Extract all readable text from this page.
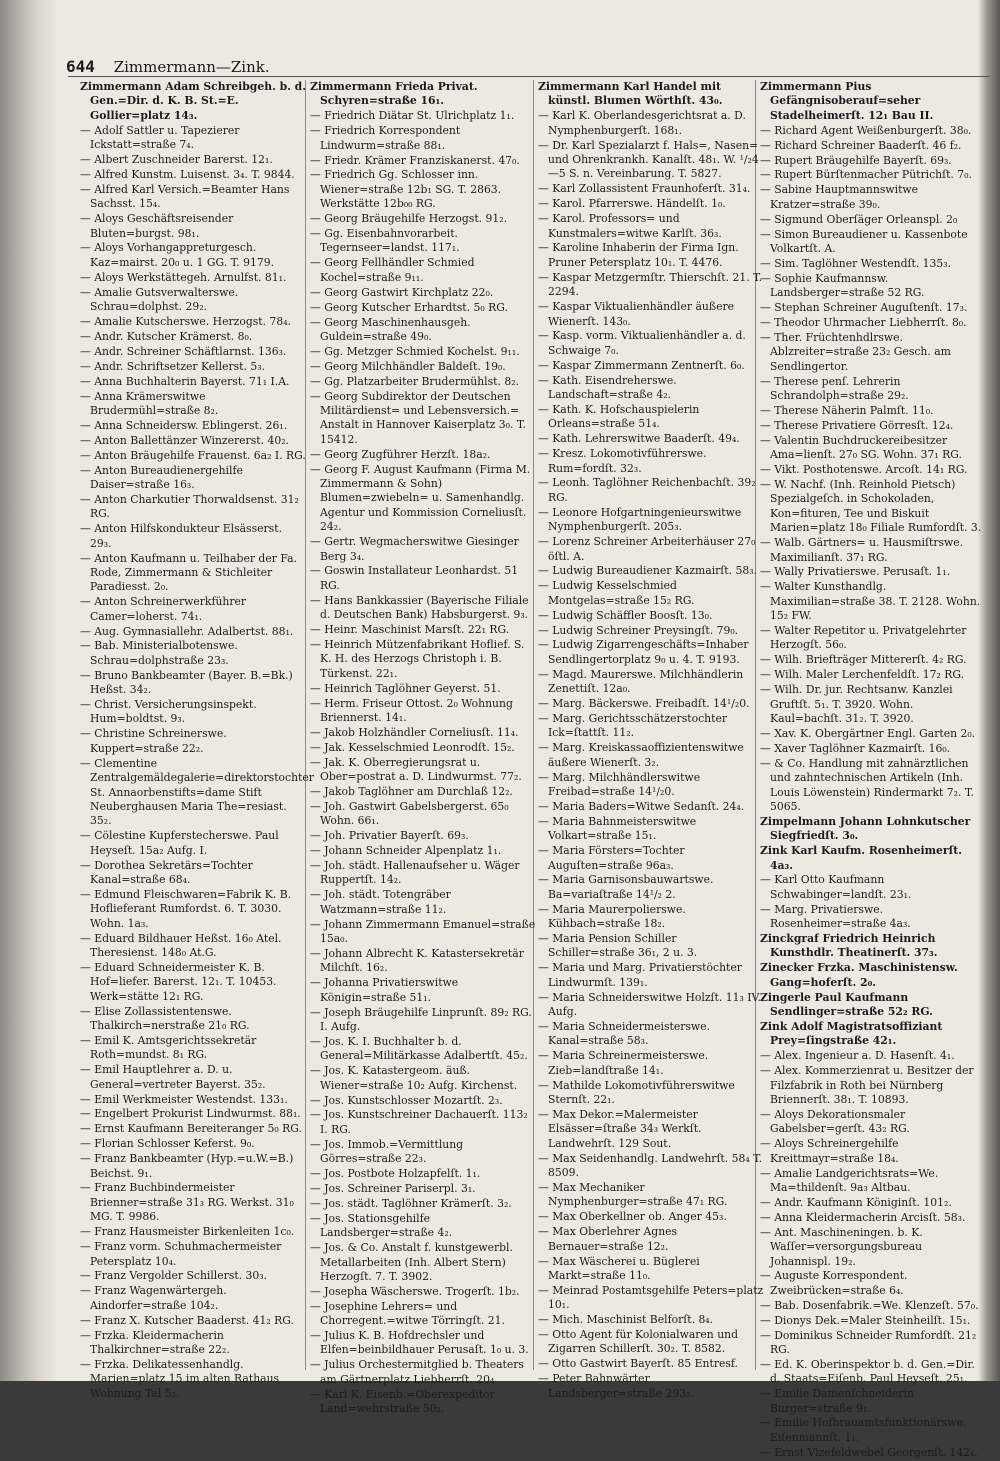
644 Zimmermann—Zink.
Zimmermann Adam Schreibgeh. b. d. Gen.=Dir. d. K. B. St.=E. Gollier=platz 14₃.
— Adolf Sattler u. Tapezierer Ickstatt=straße 7₄.
— Albert Zuschneider Barerst. 12₁.
— Alfred Kunstm. Luisenst. 3₄. T. 9844.
— Alfred Karl Versich.=Beamter Hans Sachsst. 15₄.
— Aloys Geschäftsreisender Bluten=burgst. 98₁.
— Aloys Vorhangappreturgesch. Kaz=mairst. 20₀ u. 1 GG. T. 9179.
— Aloys Werkstättegeh. Arnulfst. 81₁.
— Amalie Gutsverwalterswe. Schrau=dolphst. 29₂.
— Amalie Kutscherswe. Herzogst. 78₄.
— Andr. Kutscher Krämerst. 8₀.
— Andr. Schreiner Schäftlarnst. 136₃.
— Andr. Schriftsetzer Kellerst. 5₃.
— Anna Buchhalterin Bayerst. 71₁ I.A.
— Anna Krämerswitwe Brudermühl=straße 8₂.
— Anna Schneidersw. Eblingerst. 26₁.
— Anton Ballettänzer Winzererst. 40₂.
— Anton Bräugehilfe Frauenst. 6a₂ I. RG.
— Anton Bureaudienergehilfe Daiser=straße 16₃.
— Anton Charkutier Thorwaldsenst. 31₂ RG.
— Anton Hilfskondukteur Elsässerst. 29₃.
— Anton Kaufmann u. Teilhaber der Fa. Rode, Zimmermann & Stichleiter Paradiesst. 2₀.
— Anton Schreinerwerkführer Camer=loherst. 74₁.
— Aug. Gymnasiallehr. Adalbertst. 88₁.
— Bab. Ministerialbotenswe. Schrau=dolphstraße 23₃.
— Bruno Bankbeamter (Bayer. B.=Bk.) Heßst. 34₂.
— Christ. Versicherungsinspekt. Hum=boldtst. 9₃.
— Christine Schreinerswe. Kuppert=straße 22₂.
— Clementine Zentralgemäldegalerie=direktorstochter St. Annaorbenstifts=dame Stift Neuberghausen Maria The=resiast. 35₂.
— Cölestine Kupferstecherswe. Paul Heyseſt. 15a₂ Aufg. I.
— Dorothea Sekretärs=Tochter Kanal=straße 68₄.
— Edmund Fleischwaren=Fabrik K. B. Hoflieferant Rumfordst. 6. T. 3030. Wohn. 1a₃.
— Eduard Bildhauer Heßst. 16₀ Atel. Theresienst. 148₀ At.G.
— Eduard Schneidermeister K. B. Hof=liefer. Barerst. 12₁. T. 10453. Werk=stätte 12₁ RG.
— Elise Zollassistentenswe. Thalkirch=nerstraße 21₀ RG.
— Emil K. Amtsgerichtssekretär Roth=mundst. 8₁ RG.
— Emil Hauptlehrer a. D. u. General=vertreter Bayerst. 35₂.
— Emil Werkmeister Westendst. 133₁.
— Engelbert Prokurist Lindwurmst. 88₁.
— Ernst Kaufmann Bereiteranger 5₀ RG.
— Florian Schlosser Keferst. 9₀.
— Franz Bankbeamter (Hyp.=u.W.=B.) Beichst. 9₁.
— Franz Buchbindermeister Brienner=straße 31₃ RG. Werkst. 31₀ MG. T. 9986.
— Franz Hausmeister Birkenleiten 1c₀.
— Franz vorm. Schuhmachermeister Petersplatz 10₄.
— Franz Vergolder Schillerst. 30₃.
— Franz Wagenwärtergeh. Aindorfer=straße 104₂.
— Franz X. Kutscher Baaderst. 41₂ RG.
— Frzka. Kleidermacherin Thalkirchner=straße 22₂.
— Frzka. Delikatessenhandlg. Marien=platz 15 im alten Rathaus Wohnung Tal 5₂.
Zimmermann Frieda Privat. Schyren=straße 16₁.
— Friedrich Diätar St. Ulrichplatz 1₁.
— Friedrich Korrespondent Lindwurm=straße 88₁.
— Friedr. Krämer Franziskanerst. 47₀.
— Friedrich Gg. Schlosser inn. Wiener=straße 12b₁ SG. T. 2863. Werkstätte 12b₀₀ RG.
— Georg Bräugehilfe Herzogst. 91₂.
— Gg. Eisenbahnvorarbeit. Tegernseer=landst. 117₁.
— Georg Fellhändler Schmied Kochel=straße 9₁₁.
— Georg Gastwirt Kirchplatz 22₀.
— Georg Kutscher Erhardtst. 5₀ RG.
— Georg Maschinenhausgeh. Guldein=straße 49₀.
— Gg. Metzger Schmied Kochelst. 9₁₁.
— Georg Milchhändler Baldeſt. 19₀.
— Gg. Platzarbeiter Brudermühlst. 8₂.
— Georg Subdirektor der Deutschen Militärdienst= und Lebensversich.= Anstalt in Hannover Kaiserplatz 3₀. T. 15412.
— Georg Zugführer Herzſt. 18a₂.
— Georg F. August Kaufmann (Firma M. Zimmermann & Sohn) Blumen=zwiebeln= u. Samenhandlg. Agentur und Kommission Corneliusſt. 24₂.
— Gertr. Wegmacherswitwe Giesinger Berg 3₄.
— Goswin Installateur Leonhardst. 51 RG.
— Hans Bankkassier (Bayerische Filiale d. Deutschen Bank) Habsburgerst. 9₃.
— Heinr. Maschinist Marsſt. 22₁ RG.
— Heinrich Mützenfabrikant Hoflief. S. K. H. des Herzogs Christoph i. B. Türkenst. 22₁.
— Heinrich Taglöhner Geyerst. 51.
— Herm. Friseur Ottost. 2₀ Wohnung Briennerst. 14₁.
— Jakob Holzhändler Corneliusſt. 11₄.
— Jak. Kesselschmied Leonrodſt. 15₂.
— Jak. K. Oberregierungsrat u. Ober=postrat a. D. Lindwurmst. 77₂.
— Jakob Taglöhner am Durchlaß 12₂.
— Joh. Gastwirt Gabelsbergerst. 65₀ Wohn. 66₁.
— Joh. Privatier Bayerſt. 69₃.
— Johann Schneider Alpenplatz 1₁.
— Joh. städt. Hallenaufseher u. Wäger Ruppertſt. 14₂.
— Joh. städt. Totengräber Watzmann=straße 11₂.
— Johann Zimmermann Emanuel=straße 15a₀.
— Johann Albrecht K. Katastersekretär Milchſt. 16₂.
— Johanna Privatierswitwe Königin=straße 51₁.
— Joseph Bräugehilfe Linprunſt. 89₂ RG. I. Aufg.
— Jos. K. I. Buchhalter b. d. General=Militärkasse Adalbertſt. 45₂.
— Jos. K. Katastergeom. äuß. Wiener=straße 10₂ Aufg. Kirchenst.
— Jos. Kunstschlosser Mozartſt. 2₃.
— Jos. Kunstschreiner Dachauerſt. 113₂ I. RG.
— Jos. Immob.=Vermittlung Görres=straße 22₃.
— Jos. Postbote Holzapfelſt. 1₁.
— Jos. Schreiner Pariserpl. 3₁.
— Jos. städt. Taglöhner Krämerſt. 3₂.
— Jos. Stationsgehilfe Landsberger=straße 4₂.
— Jos. & Co. Anstalt f. kunstgewerbl. Metallarbeiten (Inh. Albert Stern) Herzogſt. 7. T. 3902.
— Josepha Wäscherswe. Trogerſt. 1b₂.
— Josephine Lehrers= und Chorregent.=witwe Törringſt. 21.
— Julius K. B. Hofdrechsler und Elfen=beinbildhauer Perusaſt. 1₀ u. 3.
— Julius Orchestermitglied b. Theaters am Gärtnerplatz Liebherrſt. 20₄.
— Karl K. Eisenb.=Oberexpeditor Land=wehrstraße 50₂.
Zimmermann Karl Handel mit künstl. Blumen Wörthſt. 43₀.
— Karl K. Oberlandesgerichtsrat a. D. Nymphenburgerſt. 168₁.
— Dr. Karl Spezialarzt f. Hals=, Nasen= und Ohrenkrankh. Kanalſt. 48₁. W. ¹/₂4—5 S. n. Vereinbarung. T. 5827.
— Karl Zollassistent Fraunhoferſt. 31₄.
— Karol. Pfarrerswe. Händelſt. 1₀.
— Karol. Professors= und Kunstmalers=witwe Karlſt. 36₃.
— Karoline Inhaberin der Firma Ign. Pruner Petersplatz 10₁. T. 4476.
— Kaspar Metzgermſtr. Thierschſt. 21. T. 2294.
— Kaspar Viktualienhändler äußere Wienerſt. 143₀.
— Kasp. vorm. Viktualienhändler a. d. Schwaige 7₀.
— Kaspar Zimmermann Zentnerſt. 6₀.
— Kath. Eisendreherswe. Landschaft=straße 4₂.
— Kath. K. Hofschauspielerin Orleans=straße 51₄.
— Kath. Lehrerswitwe Baaderſt. 49₄.
— Kresz. Lokomotivführerswe. Rum=fordſt. 32₃.
— Leonh. Taglöhner Reichenbachſt. 39₂ RG.
— Leonore Hofgartningenieurswitwe Nymphenburgerſt. 205₃.
— Lorenz Schreiner Arbeiterhäuser 27₀ öſtl. A.
— Ludwig Bureaudiener Kazmairſt. 58₃.
— Ludwig Kesselschmied Montgelas=straße 15₂ RG.
— Ludwig Schäffler Boosſt. 13₀.
— Ludwig Schreiner Preysingſt. 79₀.
— Ludwig Zigarrengeschäfts=Inhaber Sendlingertorplatz 9₀ u. 4. T. 9193.
— Magd. Maurerswe. Milchhändlerin Zenettiſt. 12a₀.
— Marg. Bäckerswe. Freibadſt. 14¹/₂0.
— Marg. Gerichtsschätzerstochter Ick=ſtattſt. 11₂.
— Marg. Kreiskassaoffizientenswitwe äußere Wienerſt. 3₂.
— Marg. Milchhändlerswitwe Freibad=straße 14¹/₂0.
— Maria Baders=Witwe Sedanſt. 24₄.
— Maria Bahnmeisterswitwe Volkart=straße 15₁.
— Maria Försters=Tochter Auguſten=straße 96a₃.
— Maria Garnisonsbauwartswe. Ba=variaſtraße 14¹/₂ 2.
— Maria Maurerpolierswe. Kühbach=straße 18₂.
— Maria Pension Schiller Schiller=straße 36₁, 2 u. 3.
— Maria und Marg. Privatierstöchter Lindwurmſt. 139₁.
— Maria Schneiderswitwe Holzſt. 11₃ IV. Aufg.
— Maria Schneidermeisterswe. Kanal=straße 58₃.
— Maria Schreinermeisterswe. Zieb=landſtraße 14₁.
— Mathilde Lokomotivführerswitwe Sternſt. 22₁.
— Max Dekor.=Malermeister Elsässer=ſtraße 34₃ Werkſt. Landwehrſt. 129 Sout.
— Max Seidenhandlg. Landwehrſt. 58₄ T. 8509.
— Max Mechaniker Nymphenburger=straße 47₁ RG.
— Max Oberkellner ob. Anger 45₃.
— Max Oberlehrer Agnes Bernauer=straße 12₂.
— Max Wäscherei u. Büglerei Markt=straße 11₀.
— Meinrad Postamtsgehilfe Peters=platz 10₁.
— Mich. Maschinist Belforſt. 8₄.
— Otto Agent für Kolonialwaren und Zigarren Schillerſt. 30₂. T. 8582.
— Otto Gastwirt Bayerſt. 85 Entresf.
— Peter Bahnwärter Landsberger=straße 293₂.
Zimmermann Pius Gefängnisoberauf=seher Stadelheimerſt. 12₁ Bau II.
— Richard Agent Weißenburgerſt. 38₀.
— Richard Schreiner Baaderſt. 46 f₂.
— Rupert Bräugehilfe Bayerſt. 69₃.
— Rupert Bürſtenmacher Pütrichſt. 7₀.
— Sabine Hauptmannswitwe Kratzer=straße 39₀.
— Sigmund Oberſäger Orleanspl. 2₀
— Simon Bureaudiener u. Kassenbote Volkartſt. A.
— Sim. Taglöhner Westendſt. 135₃.
— Sophie Kaufmannsw. Landsberger=straße 52 RG.
— Stephan Schreiner Auguſtenſt. 17₃.
— Theodor Uhrmacher Liebherrſt. 8₀.
— Ther. Früchtenhdlrswe. Ablzreiter=straße 23₂ Gesch. am Sendlingertor.
— Therese penſ. Lehrerin Schrandolph=straße 29₂.
— Therese Näherin Palmſt. 11₀.
— Therese Privatiere Görresſt. 12₄.
— Valentin Buchdruckereibesitzer Ama=lienſt. 27₀ SG. Wohn. 37₁ RG.
— Vikt. Posthotenswe. Arcoſt. 14₁ RG.
— W. Nachf. (Inh. Reinhold Pietsch) Spezialgeſch. in Schokoladen, Kon=fituren, Tee und Biskuit Marien=platz 18₀ Filiale Rumfordſt. 3.
— Walb. Gärtners= u. Hausmiſtrswe. Maximilianſt. 37₁ RG.
— Wally Privatierswe. Perusaſt. 1₁.
— Walter Kunsthandlg. Maximilian=straße 38. T. 2128. Wohn. 15₂ FW.
— Walter Repetitor u. Privatgelehrter Herzogſt. 56₀.
— Wilh. Briefträger Mittererſt. 4₂ RG.
— Wilh. Maler Lerchenfeldſt. 17₂ RG.
— Wilh. Dr. jur. Rechtsanw. Kanzlei Gruftſt. 5₁. T. 3920. Wohn. Kaul=bachſt. 31₂. T. 3920.
— Xav. K. Obergärtner Engl. Garten 2₀.
— Xaver Taglöhner Kazmairſt. 16₀.
— & Co. Handlung mit zahnärztlichen und zahntechnischen Artikeln (Inh. Louis Löwenstein) Rindermarkt 7₂. T. 5065.
Zimpelmann Johann Lohnkutscher Siegfriedſt. 3₀.
Zink Karl Kaufm. Rosenheimerſt. 4a₃.
— Karl Otto Kaufmann Schwabinger=landſt. 23₁.
— Marg. Privatierswe. Rosenheimer=straße 4a₃.
Zinckgraf Friedrich Heinrich Kunsthdlr. Theatinerſt. 37₃.
Zinecker Frzka. Maschinistensw. Gang=hoferſt. 2₀.
Zingerle Paul Kaufmann Sendlinger=straße 52₂ RG.
Zink Adolf Magistratsoffiziant Prey=ſingstraße 42₁.
— Alex. Ingenieur a. D. Hasenſt. 4₁.
— Alex. Kommerzienrat u. Besitzer der Filzfabrik in Roth bei Nürnberg Briennerſt. 38₁. T. 10893.
— Aloys Dekorationsmaler Gabelsber=gerſt. 43₂ RG.
— Aloys Schreinergehilfe Kreittmayr=straße 18₄.
— Amalie Landgerichtsrats=We. Ma=thildenſt. 9a₃ Altbau.
— Andr. Kaufmann Königinſt. 101₂.
— Anna Kleidermacherin Arcisſt. 58₃.
— Ant. Maschineningen. b. K. Waſſer=versorgungsbureau Johannispl. 19₂.
— Auguste Korrespondent. Zweibrücken=straße 6₄.
— Bab. Dosenfabrik.=We. Klenzeſt. 57₀.
— Dionys Dek.=Maler Steinheilſt. 15₁.
— Dominikus Schneider Rumfordſt. 21₂ RG.
— Ed. K. Oberinspektor b. d. Gen.=Dir. d. Staats=Eiſenb. Paul Heyseſt. 25₁.
— Emilie Damenſchneiderin Burger=straße 9₁.
— Emilie Hofbrauamtsfunktionärswe. Eiſenmannſt. 1₁.
— Ernst Vizefeldwebel Georgenſt. 142₄.
